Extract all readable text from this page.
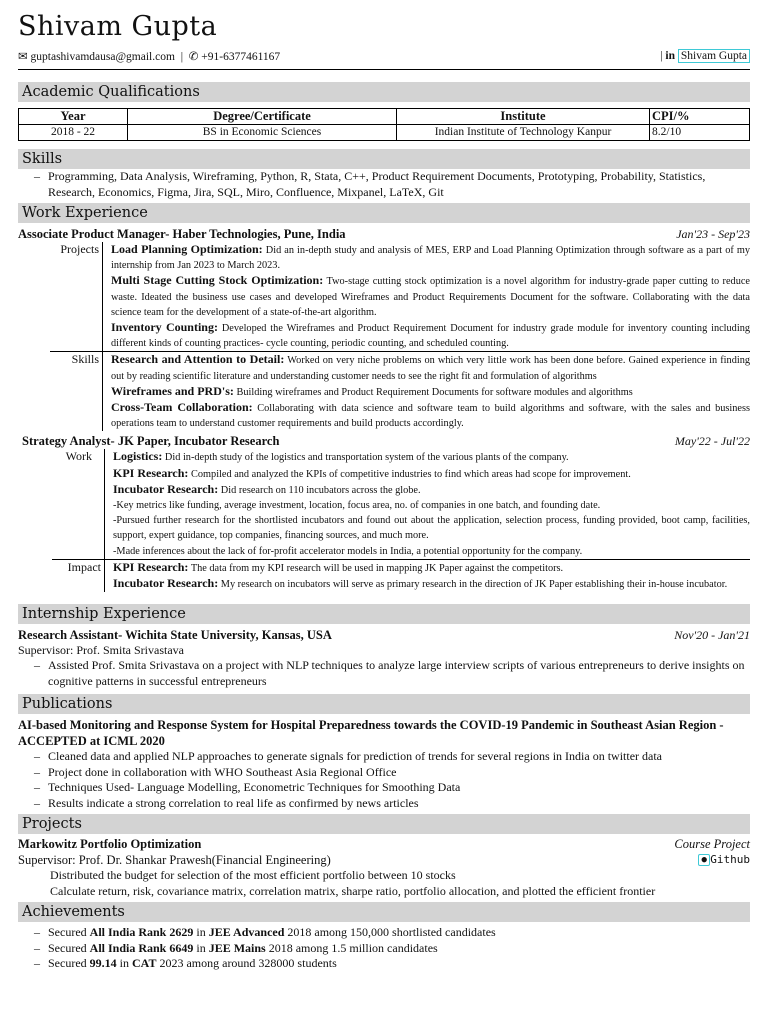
Shivam Gupta
✉ guptashivamdausa@gmail.com  |  ✆ +91-6377461167	| in Shivam Gupta
Academic Qualifications
Year	Degree/Certificate	Institute	CPI/%
2018 - 22	BS in Economic Sciences	Indian Institute of Technology Kanpur	8.2/10
Skills
– Programming, Data Analysis, Wireframing, Python, R, Stata, C++, Product Requirement Documents, Prototyping, Probability, Statistics, Research, Economics, Figma, Jira, SQL, Miro, Confluence, Mixpanel, LaTeX, Git
Work Experience
Associate Product Manager- Haber Technologies, Pune, India	Jan'23 - Sep'23
Projects	Load Planning Optimization: Did an in-depth study and analysis of MES, ERP and Load Planning Optimization through software as a part of my internship from Jan 2023 to March 2023.
Multi Stage Cutting Stock Optimization: Two-stage cutting stock optimization is a novel algorithm for industry-grade paper cutting to reduce waste. Ideated the business use cases and developed Wireframes and Product Requirements Document for the software. Collaborating with the data science team for the development of a state-of-the-art algorithm.
Inventory Counting: Developed the Wireframes and Product Requirement Document for industry grade module for inventory counting including different kinds of counting practices- cycle counting, periodic counting, and scheduled counting.
Skills	Research and Attention to Detail: Worked on very niche problems on which very little work has been done before. Gained experience in finding out by reading scientific literature and understanding customer needs to see the right fit and formulation of algorithms
Wireframes and PRD's: Building wireframes and Product Requirement Documents for software modules and algorithms
Cross-Team Collaboration: Collaborating with data science and software team to build algorithms and software, with the sales and business operations team to understand customer requirements and build products accordingly.
Strategy Analyst- JK Paper, Incubator Research	May'22 - Jul'22
Work	Logistics: Did in-depth study of the logistics and transportation system of the various plants of the company.
KPI Research: Compiled and analyzed the KPIs of competitive industries to find which areas had scope for improvement.
Incubator Research: Did research on 110 incubators across the globe.
-Key metrics like funding, average investment, location, focus area, no. of companies in one batch, and founding date.
-Pursued further research for the shortlisted incubators and found out about the application, selection process, funding provided, boot camp, facilities, support, expert guidance, top companies, financing sources, and much more.
-Made inferences about the lack of for-profit accelerator models in India, a potential opportunity for the company.
Impact	KPI Research: The data from my KPI research will be used in mapping JK Paper against the competitors.
Incubator Research: My research on incubators will serve as primary research in the direction of JK Paper establishing their in-house incubator.
Internship Experience
Research Assistant- Wichita State University, Kansas, USA	Nov'20 - Jan'21
Supervisor: Prof. Smita Srivastava
– Assisted Prof. Smita Srivastava on a project with NLP techniques to analyze large interview scripts of various entrepreneurs to derive insights on cognitive patterns in successful entrepreneurs
Publications
AI-based Monitoring and Response System for Hospital Preparedness towards the COVID-19 Pandemic in Southeast Asian Region - ACCEPTED at ICML 2020
– Cleaned data and applied NLP approaches to generate signals for prediction of trends for several regions in India on twitter data
– Project done in collaboration with WHO Southeast Asia Regional Office
– Techniques Used- Language Modelling, Econometric Techniques for Smoothing Data
– Results indicate a strong correlation to real life as confirmed by news articles
Projects
Markowitz Portfolio Optimization	Course Project
Supervisor: Prof. Dr. Shankar Prawesh(Financial Engineering)	● Github
Distributed the budget for selection of the most efficient portfolio between 10 stocks
Calculate return, risk, covariance matrix, correlation matrix, sharpe ratio, portfolio allocation, and plotted the efficient frontier
Achievements
– Secured All India Rank 2629 in JEE Advanced 2018 among 150,000 shortlisted candidates
– Secured All India Rank 6649 in JEE Mains 2018 among 1.5 million candidates
– Secured 99.14 in CAT 2023 among around 328000 students
